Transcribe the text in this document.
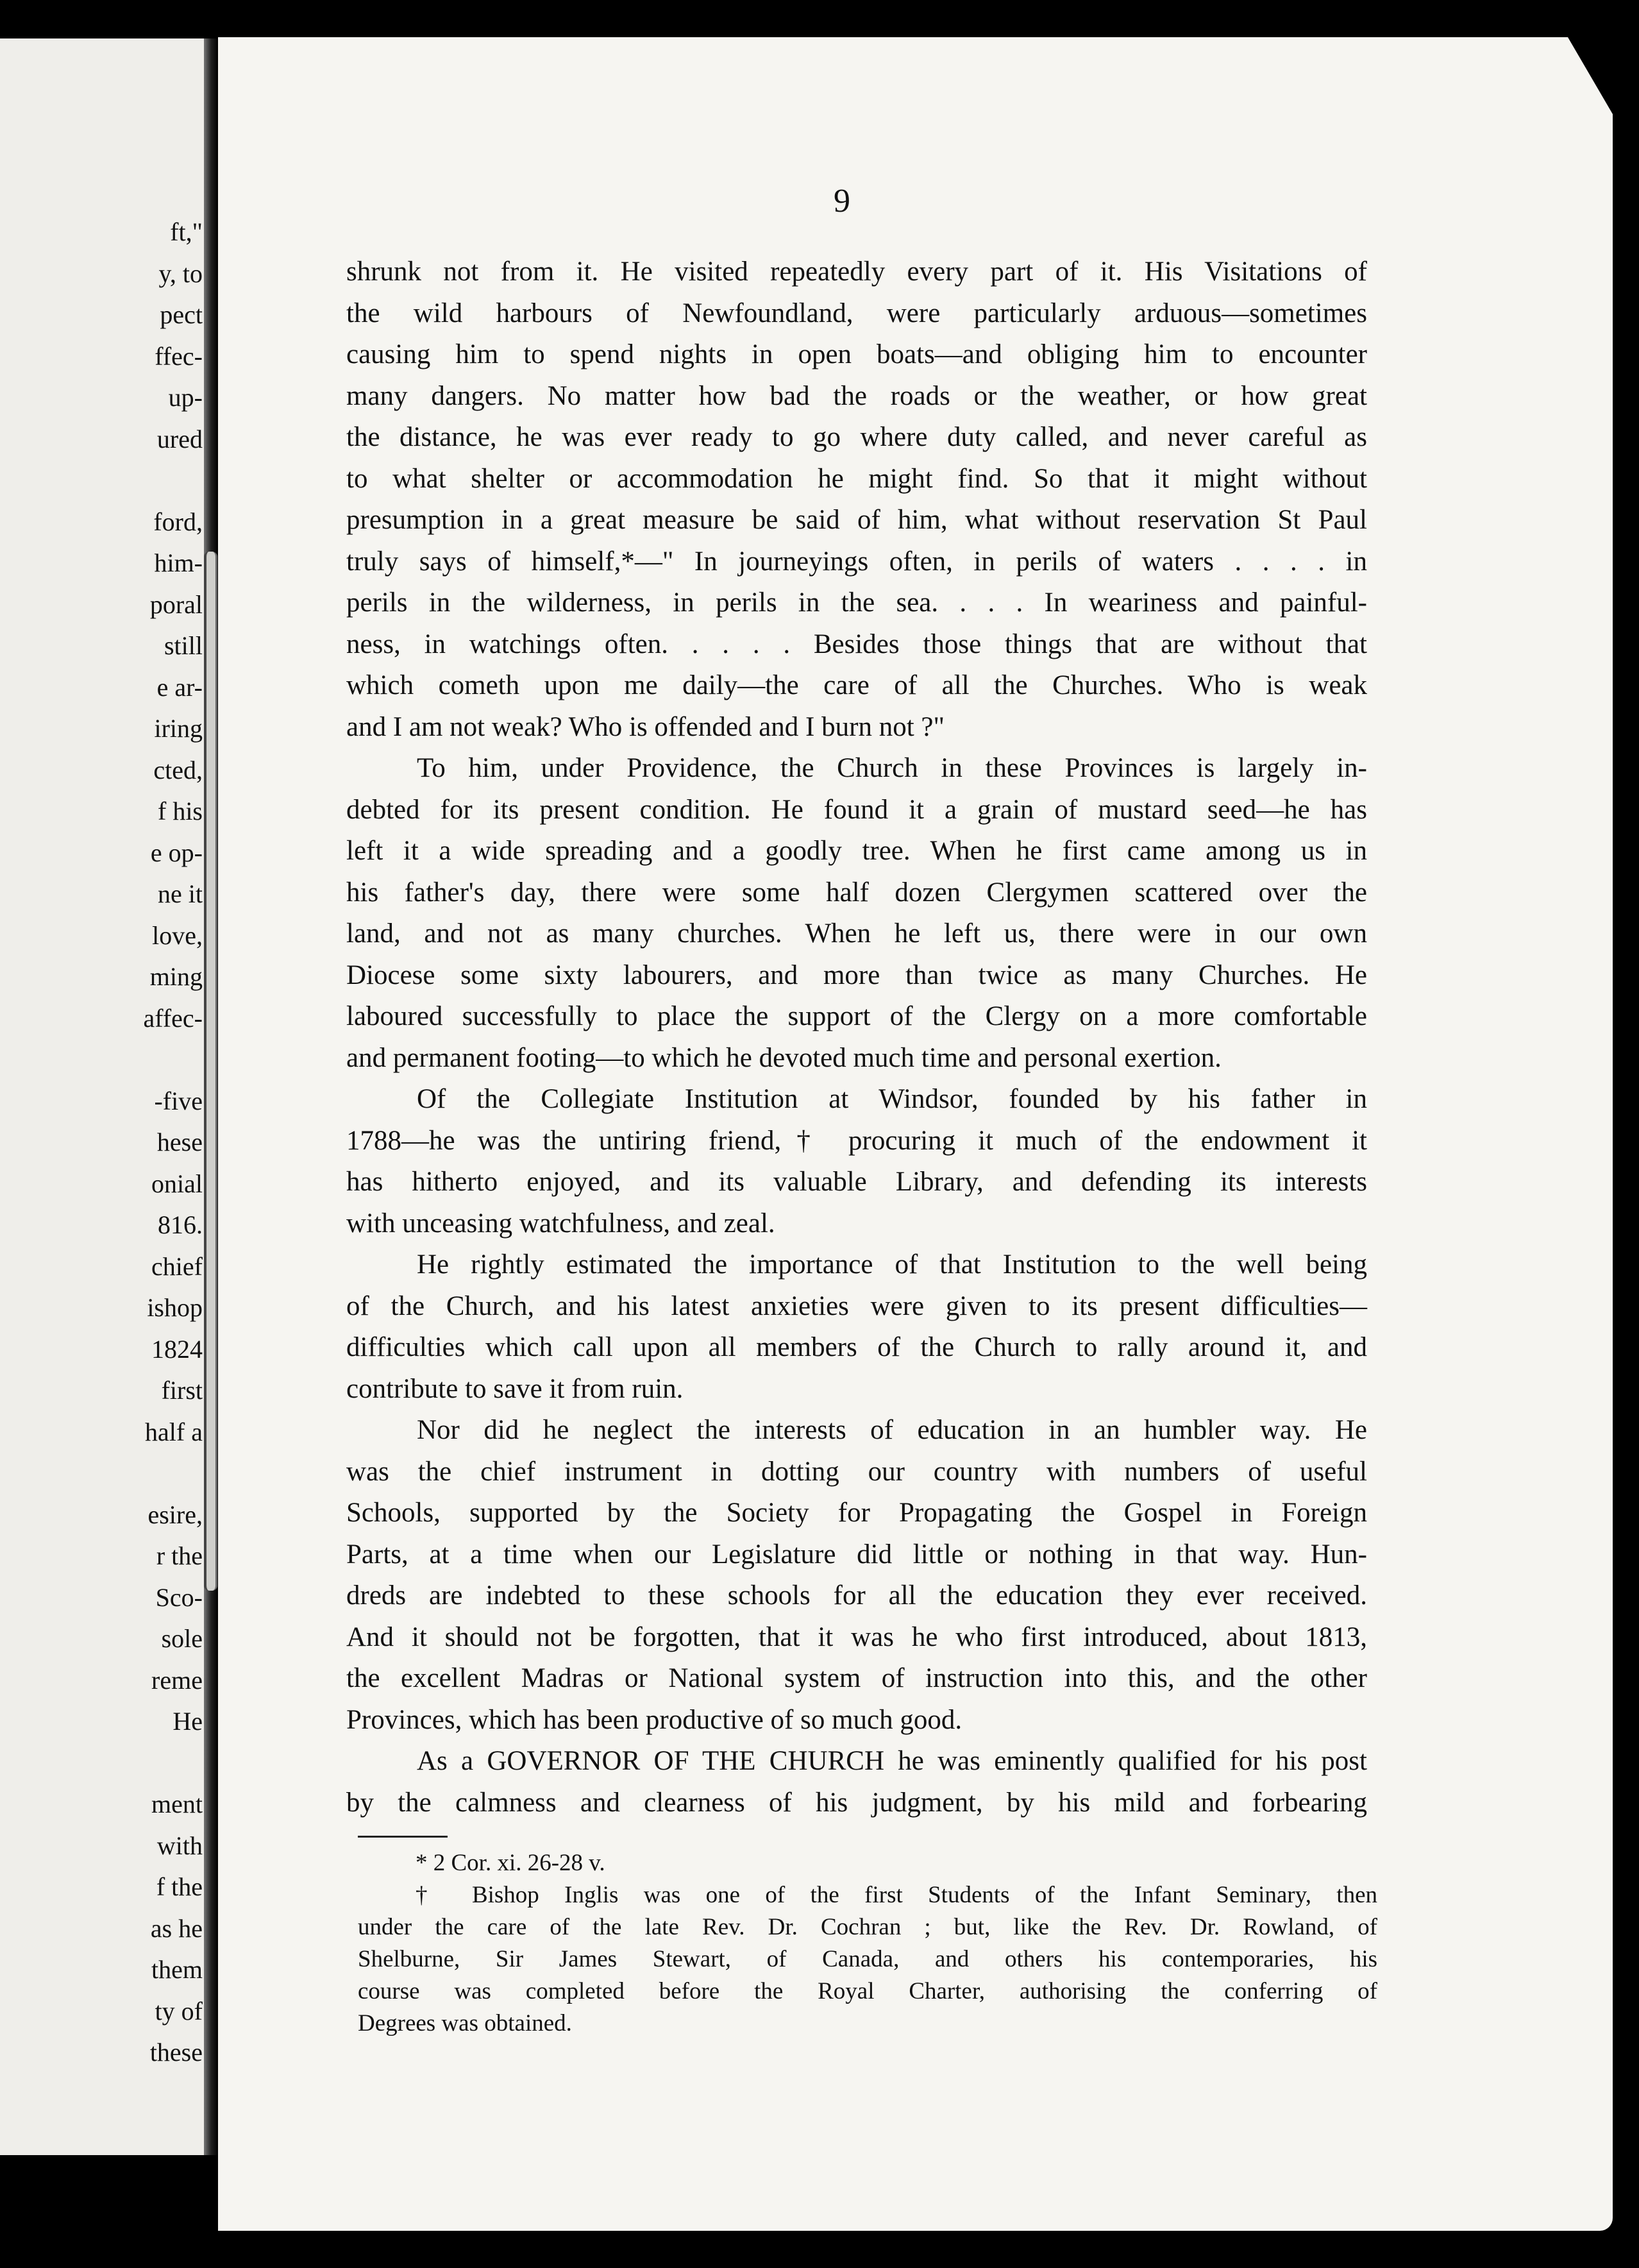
ft,"
y, to
pect
ffec-
up-
ured
ford,
him-
poral
still
e ar-
iring
cted,
f his
e op-
ne it
love,
ming
affec-
-five
hese
onial
816.
chief
ishop
1824
first
half a
esire,
r the
Sco-
sole
reme
He
ment
with
f the
as he
them
ty of
these
9
shrunk not from it. He visited repeatedly every part of it. His Visitations of
the wild harbours of Newfoundland, were particularly arduous—sometimes
causing him to spend nights in open boats—and obliging him to encounter
many dangers. No matter how bad the roads or the weather, or how great
the distance, he was ever ready to go where duty called, and never careful as
to what shelter or accommodation he might find. So that it might without
presumption in a great measure be said of him, what without reservation St Paul
truly says of himself,*—" In journeyings often, in perils of waters . . . . in
perils in the wilderness, in perils in the sea. . . . In weariness and painful-
ness, in watchings often. . . . . Besides those things that are without that
which cometh upon me daily—the care of all the Churches. Who is weak
and I am not weak? Who is offended and I burn not ?"
To him, under Providence, the Church in these Provinces is largely in-
debted for its present condition. He found it a grain of mustard seed—he has
left it a wide spreading and a goodly tree. When he first came among us in
his father's day, there were some half dozen Clergymen scattered over the
land, and not as many churches. When he left us, there were in our own
Diocese some sixty labourers, and more than twice as many Churches. He
laboured successfully to place the support of the Clergy on a more comfortable
and permanent footing—to which he devoted much time and personal exertion.
Of the Collegiate Institution at Windsor, founded by his father in
1788—he was the untiring friend,† procuring it much of the endowment it
has hitherto enjoyed, and its valuable Library, and defending its interests
with unceasing watchfulness, and zeal.
He rightly estimated the importance of that Institution to the well being
of the Church, and his latest anxieties were given to its present difficulties—
difficulties which call upon all members of the Church to rally around it, and
contribute to save it from ruin.
Nor did he neglect the interests of education in an humbler way. He
was the chief instrument in dotting our country with numbers of useful
Schools, supported by the Society for Propagating the Gospel in Foreign
Parts, at a time when our Legislature did little or nothing in that way. Hun-
dreds are indebted to these schools for all the education they ever received.
And it should not be forgotten, that it was he who first introduced, about 1813,
the excellent Madras or National system of instruction into this, and the other
Provinces, which has been productive of so much good.
As a GOVERNOR OF THE CHURCH he was eminently qualified for his post
by the calmness and clearness of his judgment, by his mild and forbearing
* 2 Cor. xi. 26-28 v.
† Bishop Inglis was one of the first Students of the Infant Seminary, then
under the care of the late Rev. Dr. Cochran ; but, like the Rev. Dr. Rowland, of
Shelburne, Sir James Stewart, of Canada, and others his contemporaries, his
course was completed before the Royal Charter, authorising the conferring of
Degrees was obtained.
